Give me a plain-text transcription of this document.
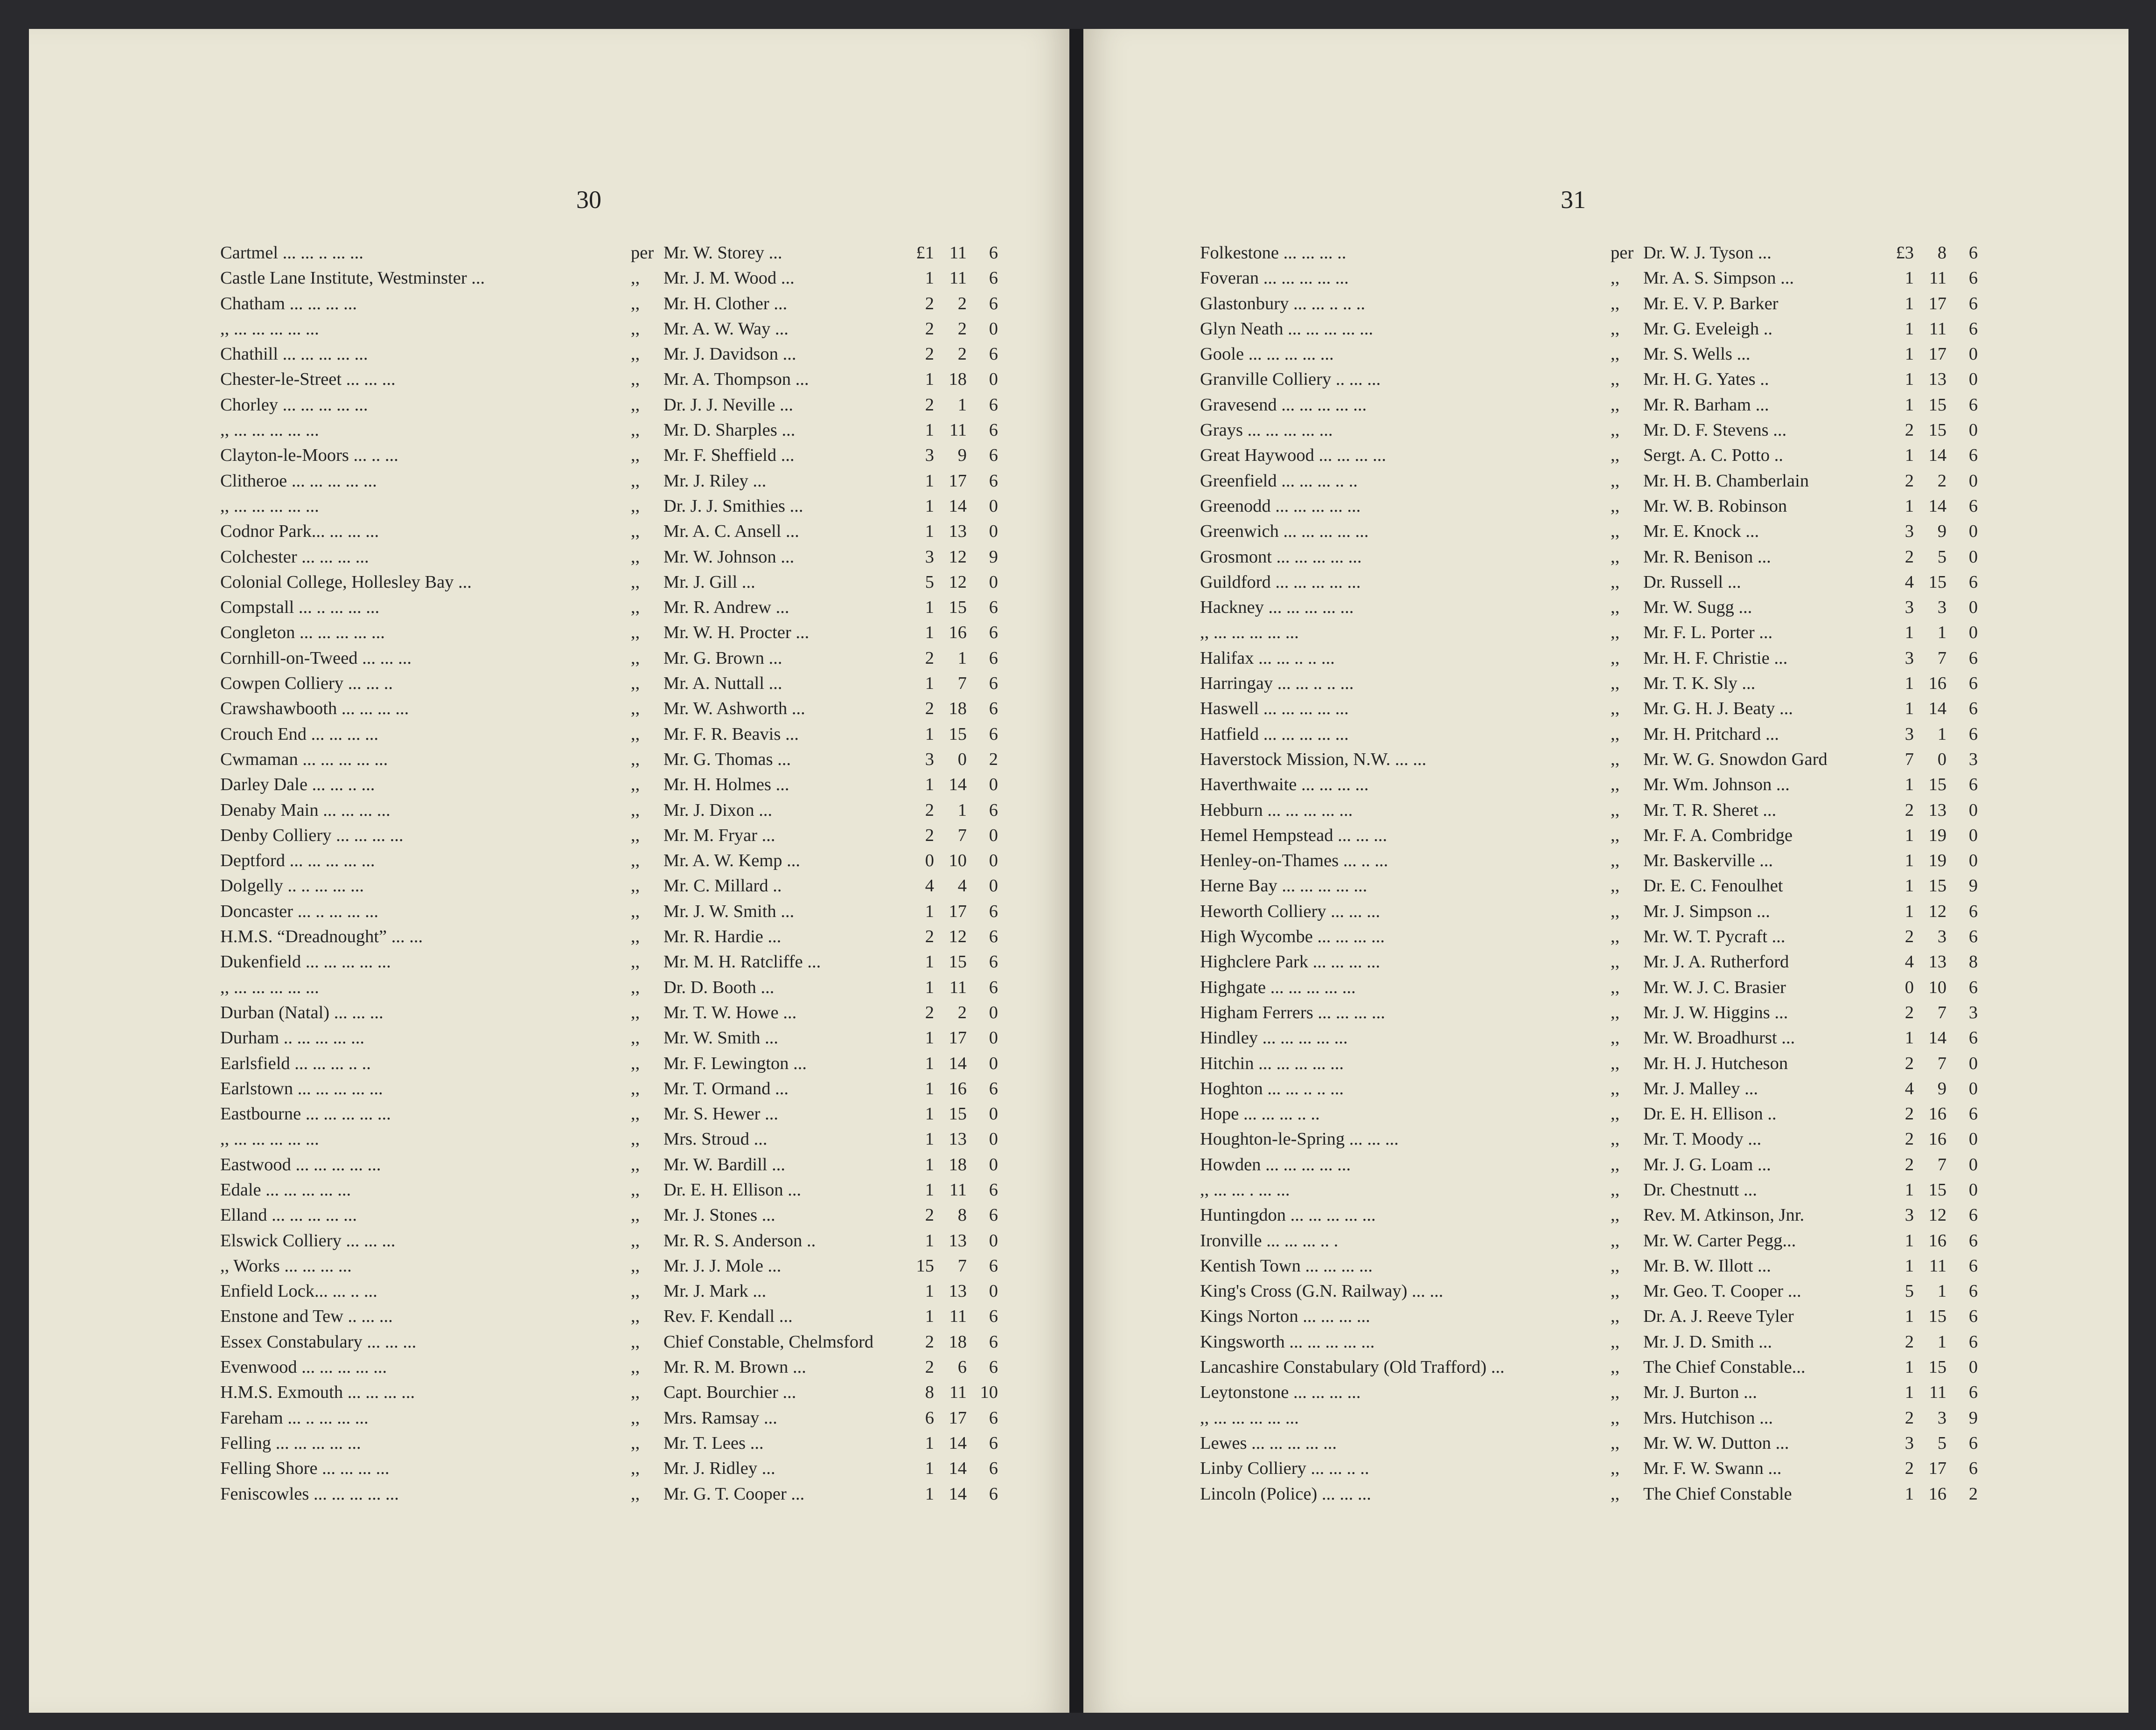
30
Cartmel ... ... .. ... ...	per Mr. W. Storey ...	£1 11	6
Castle Lane Institute, Westminster ...	,, Mr. J. M. Wood ...	1 11	6
Chatham ... ... ... ...	,, Mr. H. Clother ...	2	2	6
,, ... ... ... ... ...	,, Mr. A. W. Way ...	2	2	0
Chathill ... ... ... ... ...	,, Mr. J. Davidson ...	2	2	6
Chester-le-Street ... ... ...	,, Mr. A. Thompson ...	1 18	0
Chorley ... ... ... ... ...	,, Dr. J. J. Neville ...	2	1	6
,, ... ... ... ... ...	,, Mr. D. Sharples ...	1 11	6
Clayton-le-Moors ... .. ...	,, Mr. F. Sheffield ...	3	9	6
Clitheroe ... ... ... ... ...	,, Mr. J. Riley ...	1 17	6
,, ... ... ... ... ...	,, Dr. J. J. Smithies ...	1 14	0
Codnor Park... ... ... ...	,, Mr. A. C. Ansell ...	1 13	0
Colchester ... ... ... ...	,, Mr. W. Johnson ...	3 12	9
Colonial College, Hollesley Bay ...	,, Mr. J. Gill ...	5 12	0
Compstall ... .. ... ... ...	,, Mr. R. Andrew ...	1 15	6
Congleton ... ... ... ... ...	,, Mr. W. H. Procter ...	1 16	6
Cornhill-on-Tweed ... ... ...	,, Mr. G. Brown ...	2	1	6
Cowpen Colliery ... ... ..	,, Mr. A. Nuttall ...	1	7	6
Crawshawbooth ... ... ... ...	,, Mr. W. Ashworth ...	2 18	6
Crouch End ... ... ... ...	,, Mr. F. R. Beavis ...	1 15	6
Cwmaman ... ... ... ... ...	,, Mr. G. Thomas ...	3	0	2
Darley Dale ... ... .. ...	,, Mr. H. Holmes ...	1 14	0
Denaby Main ... ... ... ...	,, Mr. J. Dixon ...	2	1	6
Denby Colliery ... ... ... ...	,, Mr. M. Fryar ...	2	7	0
Deptford ... ... ... ... ...	,, Mr. A. W. Kemp ...	0 10	0
Dolgelly .. .. ... ... ...	,, Mr. C. Millard ..	4	4	0
Doncaster ... .. ... ... ...	,, Mr. J. W. Smith ...	1 17	6
H.M.S. “Dreadnought” ... ...	,, Mr. R. Hardie ...	2 12	6
Dukenfield ... ... ... ... ...	,, Mr. M. H. Ratcliffe ...	1 15	6
,, ... ... ... ... ...	,, Dr. D. Booth ...	1 11	6
Durban (Natal) ... ... ...	,, Mr. T. W. Howe ...	2	2	0
Durham .. ... ... ... ...	,, Mr. W. Smith ...	1 17	0
Earlsfield ... ... ... .. ..	,, Mr. F. Lewington ...	1 14	0
Earlstown ... ... ... ... ...	,, Mr. T. Ormand ...	1 16	6
Eastbourne ... ... ... ... ...	,, Mr. S. Hewer ...	1 15	0
,, ... ... ... ... ...	,, Mrs. Stroud ...	1 13	0
Eastwood ... ... ... ... ...	,, Mr. W. Bardill ...	1 18	0
Edale ... ... ... ... ...	,, Dr. E. H. Ellison ...	1 11	6
Elland ... ... ... ... ...	,, Mr. J. Stones ...	2	8	6
Elswick Colliery ... ... ...	,, Mr. R. S. Anderson ..	1 13	0
,, Works ... ... ... ...	,, Mr. J. J. Mole ...	15	7	6
Enfield Lock... ... .. ...	,, Mr. J. Mark ...	1 13	0
Enstone and Tew .. ... ...	,, Rev. F. Kendall ...	1 11	6
Essex Constabulary ... ... ...	,, Chief Constable, Chelmsford	2 18	6
Evenwood ... ... ... ... ...	,, Mr. R. M. Brown ...	2	6	6
H.M.S. Exmouth ... ... ... ...	,, Capt. Bourchier ...	8 11 10
Fareham ... .. ... ... ...	,, Mrs. Ramsay ...	6 17	6
Felling ... ... ... ... ...	,, Mr. T. Lees ...	1 14	6
Felling Shore ... ... ... ...	,, Mr. J. Ridley ...	1 14	6
Feniscowles ... ... ... ... ...	,, Mr. G. T. Cooper ...	1 14	6
31
Folkestone ... ... ... ..	per Dr. W. J. Tyson ...	£3	8	6
Foveran ... ... ... ... ...	,, Mr. A. S. Simpson ...	1 11	6
Glastonbury ... ... .. .. ..	,, Mr. E. V. P. Barker	1 17	6
Glyn Neath ... ... ... ... ...	,, Mr. G. Eveleigh ..	1 11	6
Goole ... ... ... ... ...	,, Mr. S. Wells ...	1 17	0
Granville Colliery .. ... ...	,, Mr. H. G. Yates ..	1 13	0
Gravesend ... ... ... ... ...	,, Mr. R. Barham ...	1 15	6
Grays ... ... ... ... ...	,, Mr. D. F. Stevens ...	2 15	0
Great Haywood ... ... ... ...	,, Sergt. A. C. Potto ..	1 14	6
Greenfield ... ... ... .. ..	,, Mr. H. B. Chamberlain	2	2	0
Greenodd ... ... ... ... ...	,, Mr. W. B. Robinson	1 14	6
Greenwich ... ... ... ... ...	,, Mr. E. Knock ...	3	9	0
Grosmont ... ... ... ... ...	,, Mr. R. Benison ...	2	5	0
Guildford ... ... ... ... ...	,, Dr. Russell ...	4 15	6
Hackney ... ... ... ... ...	,, Mr. W. Sugg ...	3	3	0
,, ... ... ... ... ...	,, Mr. F. L. Porter ...	1	1	0
Halifax ... ... .. .. ...	,, Mr. H. F. Christie ...	3	7	6
Harringay ... ... .. .. ...	,, Mr. T. K. Sly ...	1 16	6
Haswell ... ... ... ... ...	,, Mr. G. H. J. Beaty ...	1 14	6
Hatfield ... ... ... ... ...	,, Mr. H. Pritchard ...	3	1	6
Haverstock Mission, N.W. ... ...	,, Mr. W. G. Snowdon Gard	7	0	3
Haverthwaite ... ... ... ...	,, Mr. Wm. Johnson ...	1 15	6
Hebburn ... ... ... ... ...	,, Mr. T. R. Sheret ...	2 13	0
Hemel Hempstead ... ... ...	,, Mr. F. A. Combridge	1 19	0
Henley-on-Thames ... .. ...	,, Mr. Baskerville ...	1 19	0
Herne Bay ... ... ... ... ...	,, Dr. E. C. Fenoulhet	1 15	9
Heworth Colliery ... ... ...	,, Mr. J. Simpson ...	1 12	6
High Wycombe ... ... ... ...	,, Mr. W. T. Pycraft ...	2	3	6
Highclere Park ... ... ... ...	,, Mr. J. A. Rutherford	4 13	8
Highgate ... ... ... ... ...	,, Mr. W. J. C. Brasier	0 10	6
Higham Ferrers ... ... ... ...	,, Mr. J. W. Higgins ...	2	7	3
Hindley ... ... ... ... ...	,, Mr. W. Broadhurst ...	1 14	6
Hitchin ... ... ... ... ...	,, Mr. H. J. Hutcheson	2	7	0
Hoghton ... ... .. .. ...	,, Mr. J. Malley ...	4	9	0
Hope ... ... ... .. ..	,, Dr. E. H. Ellison ..	2 16	6
Houghton-le-Spring ... ... ...	,, Mr. T. Moody ...	2 16	0
Howden ... ... ... ... ...	,, Mr. J. G. Loam ...	2	7	0
,, ... ... . ... ...	,, Dr. Chestnutt ...	1 15	0
Huntingdon ... ... ... ... ...	,, Rev. M. Atkinson, Jnr.	3 12	6
Ironville ... ... ... .. .	,, Mr. W. Carter Pegg...	1 16	6
Kentish Town ... ... ... ...	,, Mr. B. W. Illott ...	1 11	6
King's Cross (G.N. Railway) ... ...	,, Mr. Geo. T. Cooper ...	5	1	6
Kings Norton ... ... ... ...	,, Dr. A. J. Reeve Tyler	1 15	6
Kingsworth ... ... ... ... ...	,, Mr. J. D. Smith ...	2	1	6
Lancashire Constabulary (Old Trafford) ...	,, The Chief Constable...	1 15	0
Leytonstone ... ... ... ...	,, Mr. J. Burton ...	1 11	6
,, ... ... ... ... ...	,, Mrs. Hutchison ...	2	3	9
Lewes ... ... ... ... ...	,, Mr. W. W. Dutton ...	3	5	6
Linby Colliery ... ... .. ..	,, Mr. F. W. Swann ...	2 17	6
Lincoln (Police) ... ... ...	,, The Chief Constable	1 16	2
